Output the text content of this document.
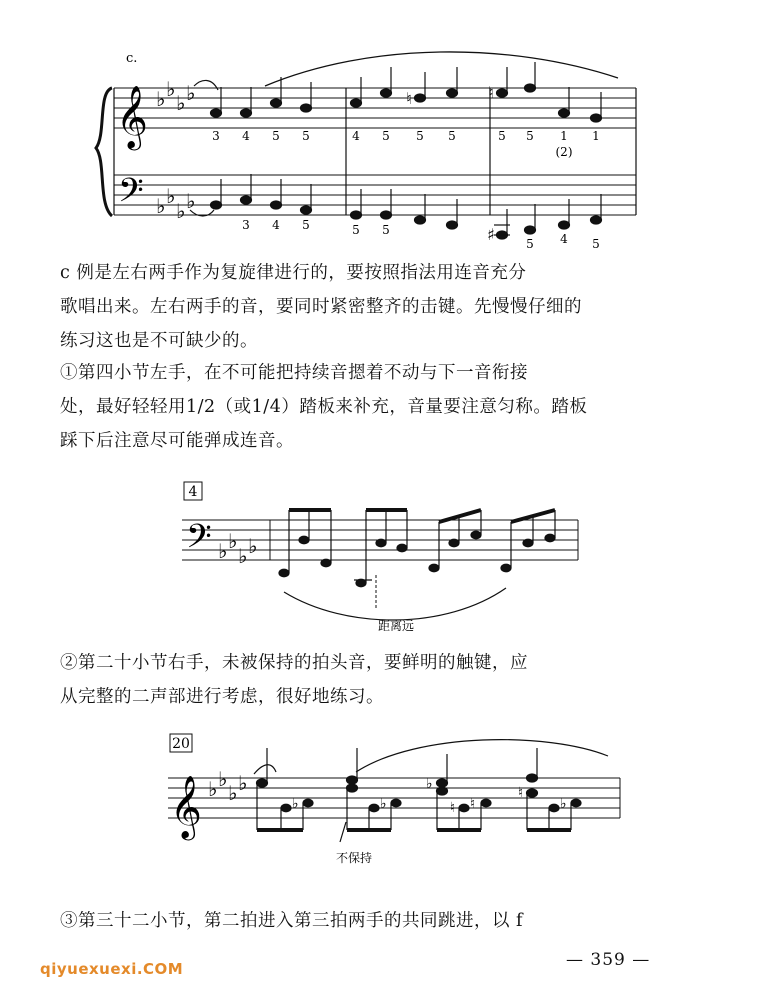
c.
𝄞
𝄢
♭ ♭
♭ ♭
♭ ♭
♭ ♭
♮	♮
3 4 5 5	4 5 5 5	5 5 1 1
(2)
♯
3 4 5	5 5
5 4 5
c 例是左右两手作为复旋律进行的，要按照指法用连音充分
歌唱出来。左右两手的音，要同时紧密整齐的击键。先慢慢仔细的
练习这也是不可缺少的。
①第四小节左手，在不可能把持续音摁着不动与下一音衔接
处，最好轻轻用1/2（或1/4）踏板来补充，音量要注意匀称。踏板
踩下后注意尽可能弹成连音。
4
𝄢 ♭ ♭
♭ ♭
距离远
②第二十小节右手，未被保持的拍头音，要鲜明的触键，应
从完整的二声部进行考虑，很好地练习。
20
𝄞 ♭ ♭
♭ ♭
♭	♭
♭
♮ ♮
♮
♭
不保持
③第三十二小节，第二拍进入第三拍两手的共同跳进，以 f
— 359 —
qiyuexuexi.COM
